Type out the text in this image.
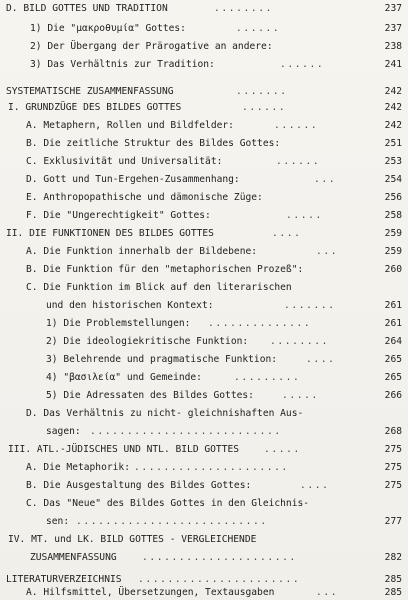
D. BILD GOTTES UND TRADITION	........	237
1) Die "μακροθυμία" Gottes:	......	237
2) Der Übergang der Prärogative an andere:	238
3) Das Verhältnis zur Tradition:	......	241
SYSTEMATISCHE ZUSAMMENFASSUNG	.......	242
I. GRUNDZÜGE DES BILDES GOTTES	......	242
A. Metaphern, Rollen und Bildfelder:	......	242
B. Die zeitliche Struktur des Bildes Gottes:	251
C. Exklusivität und Universalität:	......	253
D. Gott und Tun-Ergehen-Zusammenhang:	...	254
E. Anthropopathische und dämonische Züge:	256
F. Die "Ungerechtigkeit" Gottes:	.....	258
II. DIE FUNKTIONEN DES BILDES GOTTES	....	259
A. Die Funktion innerhalb der Bildebene:	...	259
B. Die Funktion für den "metaphorischen Prozeß":	260
C. Die Funktion im Blick auf den literarischen
und den historischen Kontext:	.......	261
1) Die Problemstellungen: ..............	261
2) Die ideologiekritische Funktion: ........	264
3) Belehrende und pragmatische Funktion:	....	265
4) "βασιλεία" und Gemeinde:	.........	265
5) Die Adressaten des Bildes Gottes:	.....	266
D. Das Verhältnis zu nicht- gleichnishaften Aus-
sagen: ..........................	268
III. ATL.-JÜDISCHES UND NTL. BILD GOTTES	.....	275
A. Die Metaphorik: .....................	275
B. Die Ausgestaltung des Bildes Gottes:	....	275
C. Das "Neue" des Bildes Gottes in den Gleichnis-
sen: ..........................	277
IV. MT. und LK. BILD GOTTES - VERGLEICHENDE
ZUSAMMENFASSUNG	.....................	282
LITERATURVERZEICHNIS ......................	285
A. Hilfsmittel, Übersetzungen, Textausgaben	...	285
